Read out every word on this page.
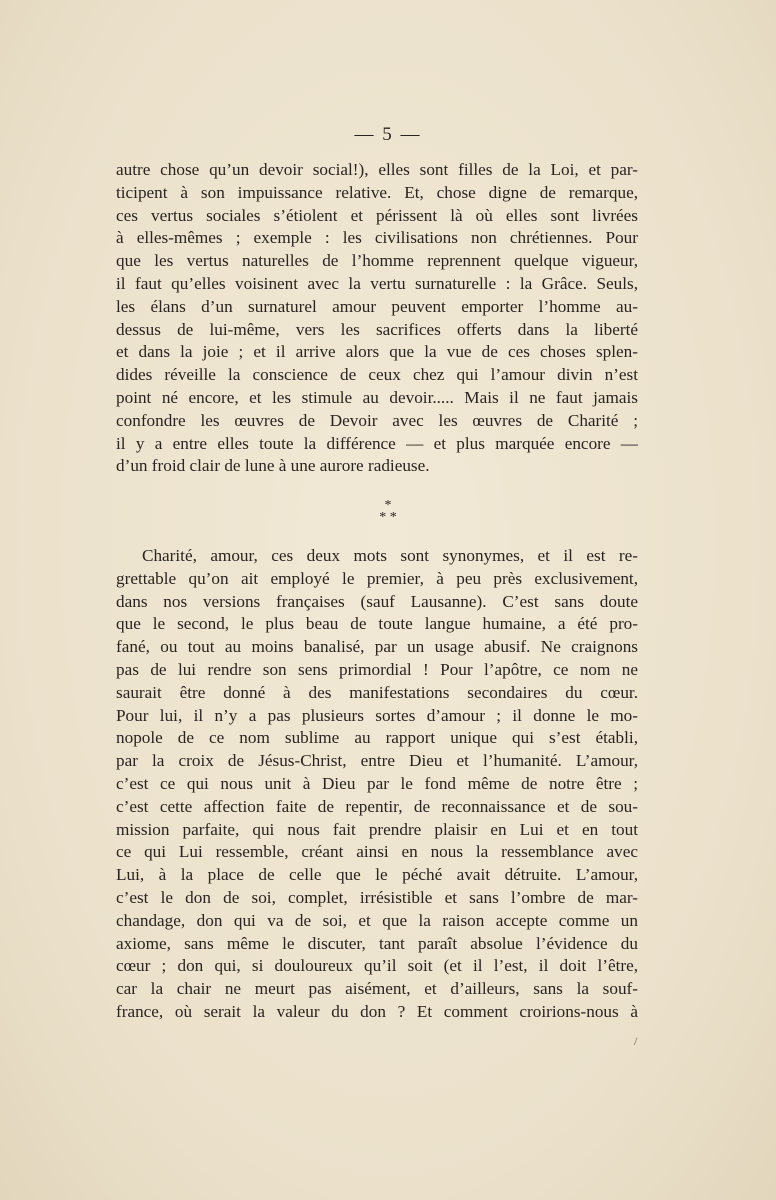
— 5 —
autre chose qu’un devoir social!), elles sont filles de la Loi, et par-
ticipent à son impuissance relative. Et, chose digne de remarque,
ces vertus sociales s’étiolent et périssent là où elles sont livrées
à elles-mêmes ; exemple : les civilisations non chrétiennes. Pour
que les vertus naturelles de l’homme reprennent quelque vigueur,
il faut qu’elles voisinent avec la vertu surnaturelle : la Grâce. Seuls,
les élans d’un surnaturel amour peuvent emporter l’homme au-
dessus de lui-même, vers les sacrifices offerts dans la liberté
et dans la joie ; et il arrive alors que la vue de ces choses splen-
dides réveille la conscience de ceux chez qui l’amour divin n’est
point né encore, et les stimule au devoir..... Mais il ne faut jamais
confondre les œuvres de Devoir avec les œuvres de Charité ;
il y a entre elles toute la différence — et plus marquée encore —
d’un froid clair de lune à une aurore radieuse.
*
* *
Charité, amour, ces deux mots sont synonymes, et il est re-
grettable qu’on ait employé le premier, à peu près exclusivement,
dans nos versions françaises (sauf Lausanne). C’est sans doute
que le second, le plus beau de toute langue humaine, a été pro-
fané, ou tout au moins banalisé, par un usage abusif. Ne craignons
pas de lui rendre son sens primordial ! Pour l’apôtre, ce nom ne
saurait être donné à des manifestations secondaires du cœur.
Pour lui, il n’y a pas plusieurs sortes d’amour ; il donne le mo-
nopole de ce nom sublime au rapport unique qui s’est établi,
par la croix de Jésus-Christ, entre Dieu et l’humanité. L’amour,
c’est ce qui nous unit à Dieu par le fond même de notre être ;
c’est cette affection faite de repentir, de reconnaissance et de sou-
mission parfaite, qui nous fait prendre plaisir en Lui et en tout
ce qui Lui ressemble, créant ainsi en nous la ressemblance avec
Lui, à la place de celle que le péché avait détruite. L’amour,
c’est le don de soi, complet, irrésistible et sans l’ombre de mar-
chandage, don qui va de soi, et que la raison accepte comme un
axiome, sans même le discuter, tant paraît absolue l’évidence du
cœur ; don qui, si douloureux qu’il soit (et il l’est, il doit l’être,
car la chair ne meurt pas aisément, et d’ailleurs, sans la souf-
france, où serait la valeur du don ? Et comment croirions-nous à
/
